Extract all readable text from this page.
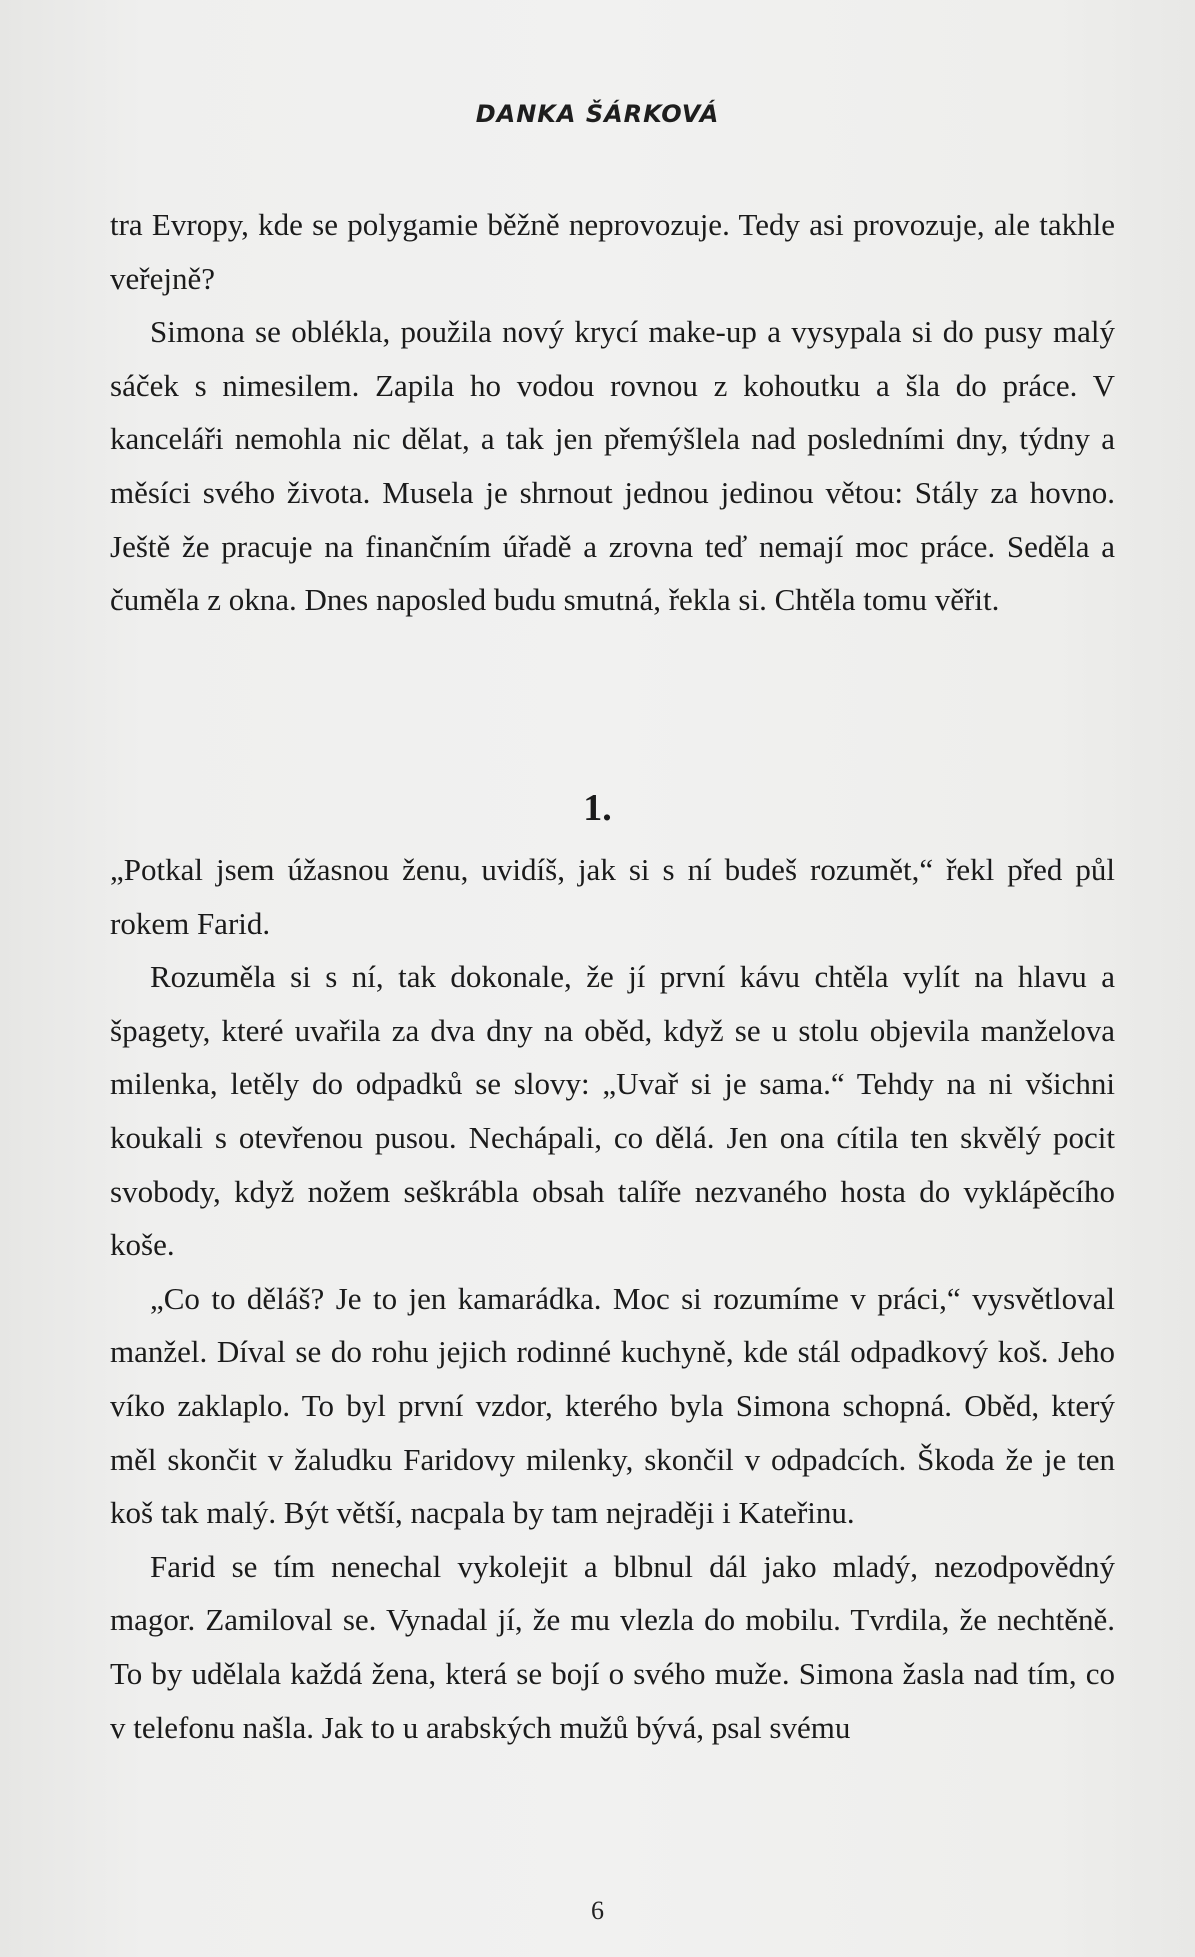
DANKA ŠÁRKOVÁ

tra Evropy, kde se polygamie běžně neprovozuje. Tedy asi provozuje, ale takhle veřejně?

Simona se oblékla, použila nový krycí make-up a vysypala si do pusy malý sáček s nimesilem. Zapila ho vodou rovnou z kohoutku a šla do práce. V kanceláři nemohla nic dělat, a tak jen přemýšlela nad posledními dny, týdny a měsíci svého života. Musela je shrnout jednou jedinou větou: Stály za hovno. Ještě že pracuje na finančním úřadě a zrovna teď nemají moc práce. Seděla a čuměla z okna. Dnes naposled budu smutná, řekla si. Chtěla tomu věřit.

1.

„Potkal jsem úžasnou ženu, uvidíš, jak si s ní budeš rozumět,“ řekl před půl rokem Farid.

Rozuměla si s ní, tak dokonale, že jí první kávu chtěla vylít na hlavu a špagety, které uvařila za dva dny na oběd, když se u stolu objevila manželova milenka, letěly do odpadků se slovy: „Uvař si je sama.“ Tehdy na ni všichni koukali s otevřenou pusou. Nechápali, co dělá. Jen ona cítila ten skvělý pocit svobody, když nožem seškrábla obsah talíře nezvaného hosta do vyklápěcího koše.

„Co to děláš? Je to jen kamarádka. Moc si rozumíme v práci,“ vysvětloval manžel. Díval se do rohu jejich rodinné kuchyně, kde stál odpadkový koš. Jeho víko zaklaplo. To byl první vzdor, kterého byla Simona schopná. Oběd, který měl skončit v žaludku Faridovy milenky, skončil v odpadcích. Škoda že je ten koš tak malý. Být větší, nacpala by tam nejraději i Kateřinu.

Farid se tím nenechal vykolejit a blbnul dál jako mladý, nezodpovědný magor. Zamiloval se. Vynadal jí, že mu vlezla do mobilu. Tvrdila, že nechtěně. To by udělala každá žena, která se bojí o svého muže. Simona žasla nad tím, co v telefonu našla. Jak to u arabských mužů bývá, psal svému

6
